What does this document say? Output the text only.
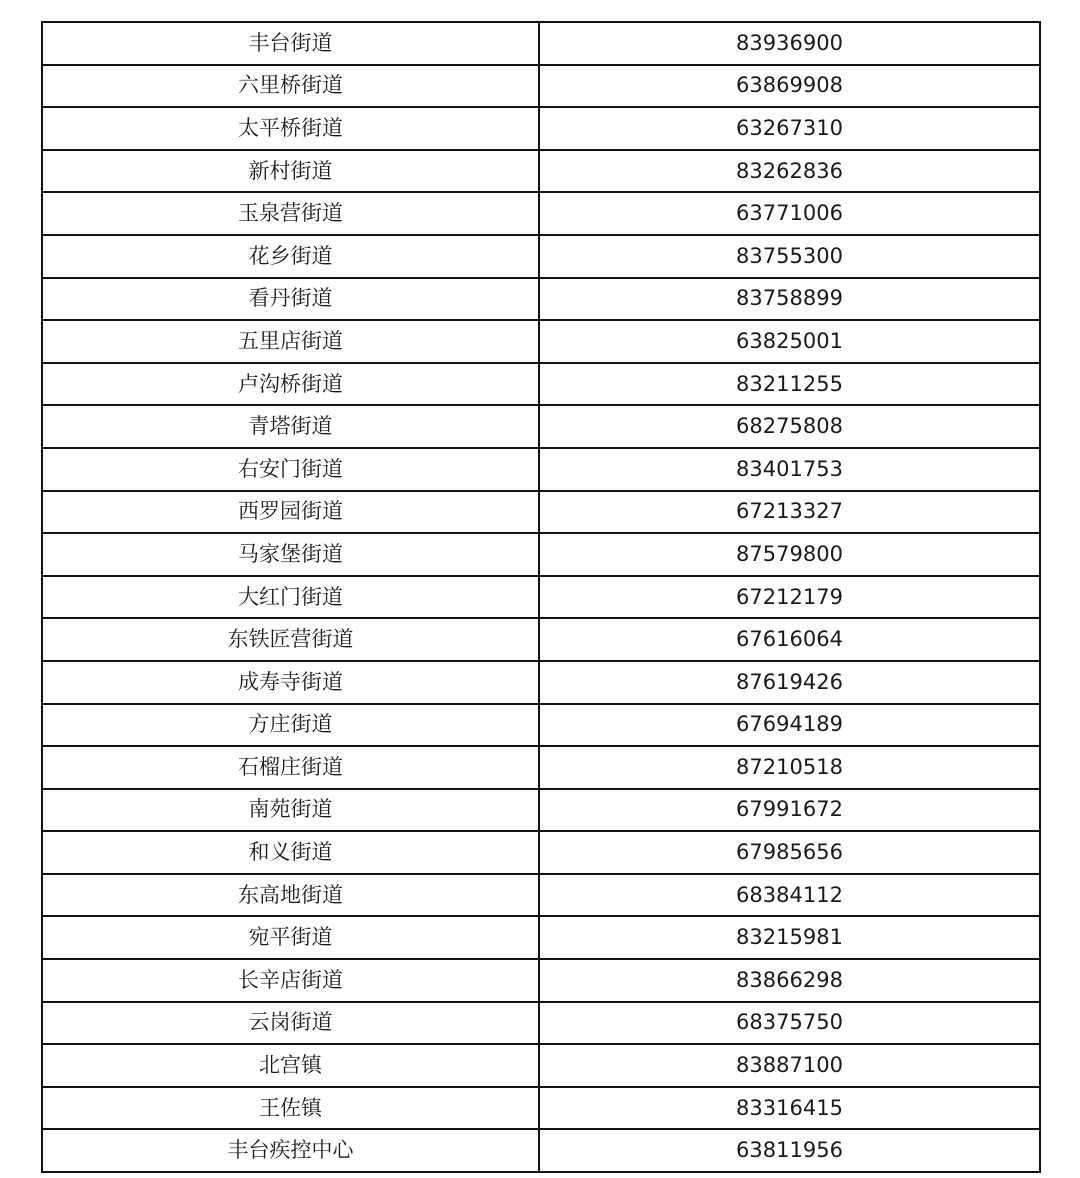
丰台街道	83936900
六里桥街道	63869908
太平桥街道	63267310
新村街道	83262836
玉泉营街道	63771006
花乡街道	83755300
看丹街道	83758899
五里店街道	63825001
卢沟桥街道	83211255
青塔街道	68275808
右安门街道	83401753
西罗园街道	67213327
马家堡街道	87579800
大红门街道	67212179
东铁匠营街道	67616064
成寿寺街道	87619426
方庄街道	67694189
石榴庄街道	87210518
南苑街道	67991672
和义街道	67985656
东高地街道	68384112
宛平街道	83215981
长辛店街道	83866298
云岗街道	68375750
北宫镇	83887100
王佐镇	83316415
丰台疾控中心	63811956
